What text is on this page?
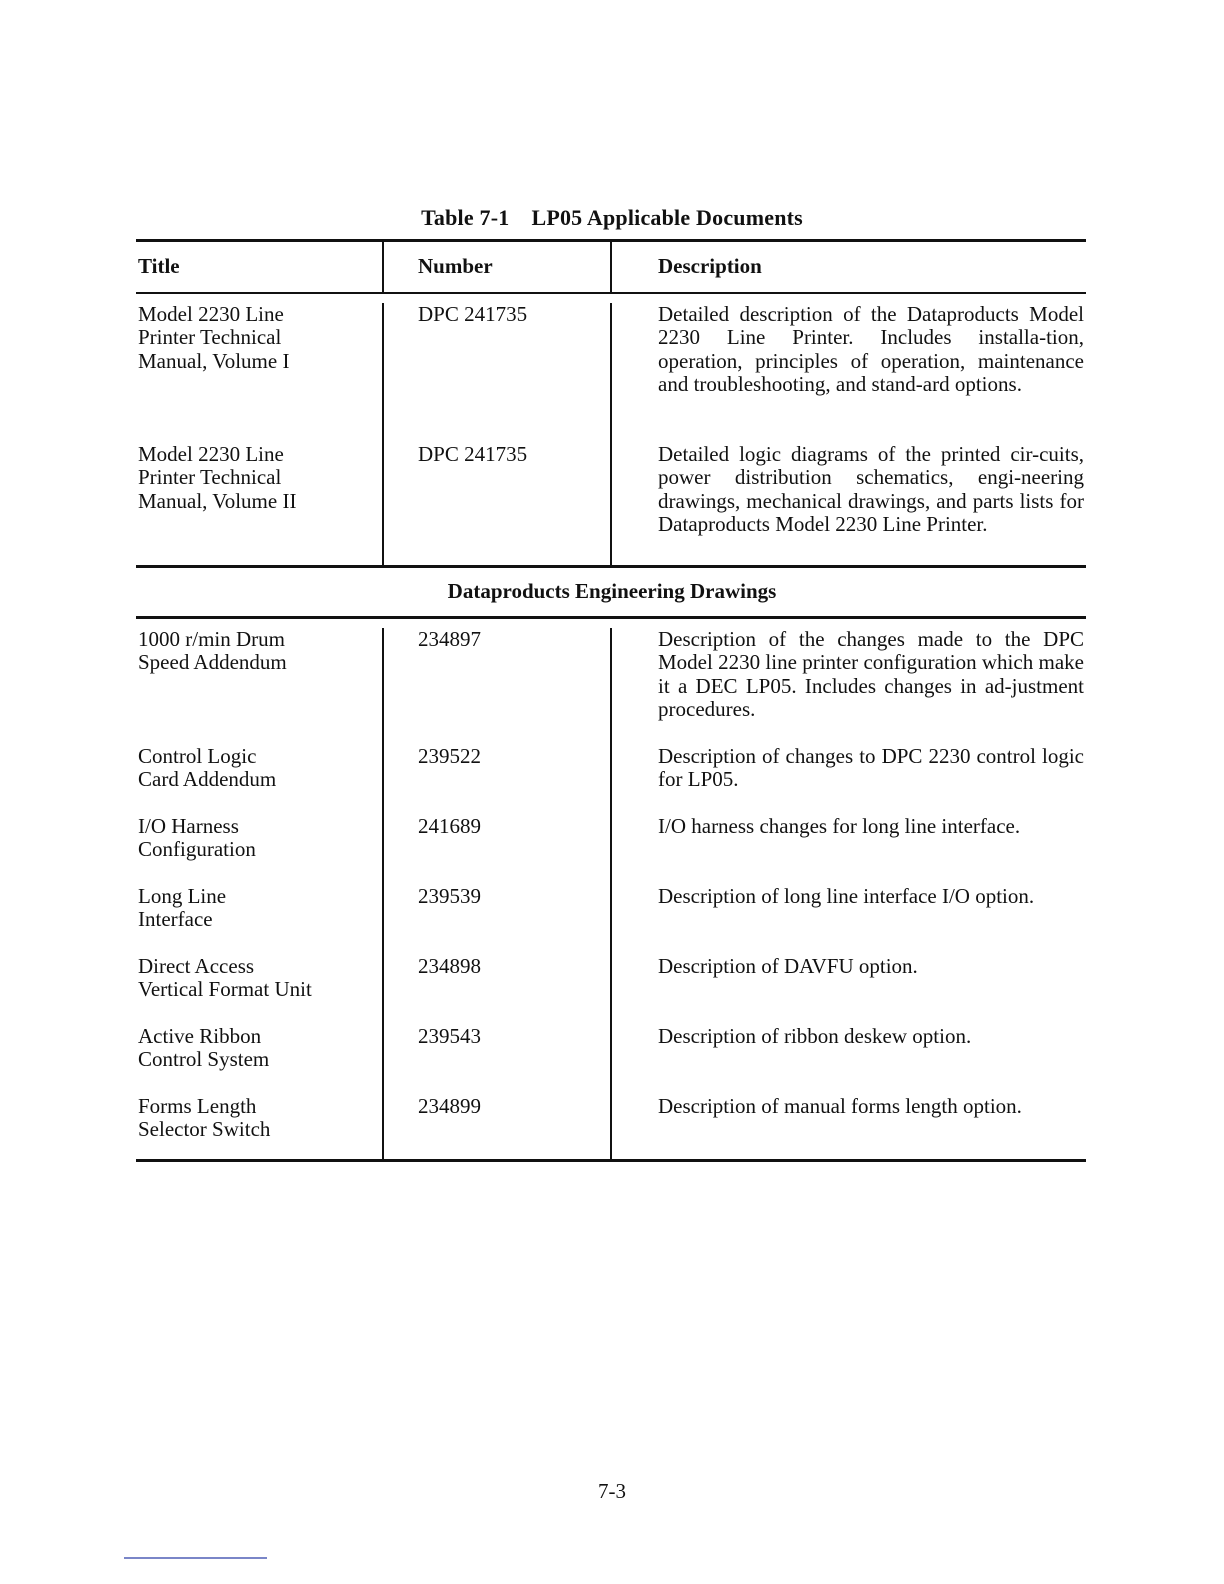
Table 7-1 LP05 Applicable Documents
Title	Number	Description
Model 2230 Line
Printer Technical
Manual, Volume I
DPC 241735	Detailed description of the Dataproducts Model 2230 Line Printer. Includes installa-tion, operation, principles of operation, maintenance and troubleshooting, and stand-ard options.
Model 2230 Line
Printer Technical
Manual, Volume II
DPC 241735	Detailed logic diagrams of the printed cir-cuits, power distribution schematics, engi-neering drawings, mechanical drawings, and parts lists for Dataproducts Model 2230 Line Printer.
Dataproducts Engineering Drawings
1000 r/min Drum
Speed Addendum
234897	Description of the changes made to the DPC Model 2230 line printer configuration which make it a DEC LP05. Includes changes in ad-justment procedures.
Control Logic
Card Addendum
239522	Description of changes to DPC 2230 control logic for LP05.
I/O Harness
Configuration
241689	I/O harness changes for long line interface.
Long Line
Interface
239539	Description of long line interface I/O option.
Direct Access
Vertical Format Unit
234898	Description of DAVFU option.
Active Ribbon
Control System
239543	Description of ribbon deskew option.
Forms Length
Selector Switch
234899	Description of manual forms length option.
7-3
